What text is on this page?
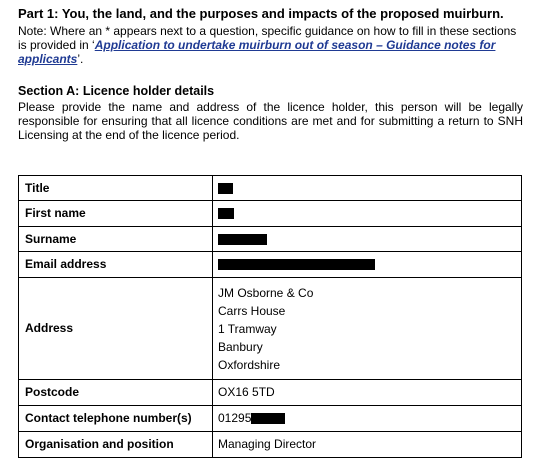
Part 1: You, the land, and the purposes and impacts of the proposed muirburn.

Note: Where an * appears next to a question, specific guidance on how to fill in these sections is provided in ‘Application to undertake muirburn out of season – Guidance notes for applicants’.

Section A: Licence holder details

Please provide the name and address of the licence holder, this person will be legally responsible for ensuring that all licence conditions are met and for submitting a return to SNH Licensing at the end of the licence period.

Title	
First name	
Surname	
Email address	
Address	JM Osborne & Co
Carrs House
1 Tramway
Banbury
Oxfordshire

Postcode	OX16 5TD
Contact telephone number(s)	01295
Organisation and position	Managing Director
